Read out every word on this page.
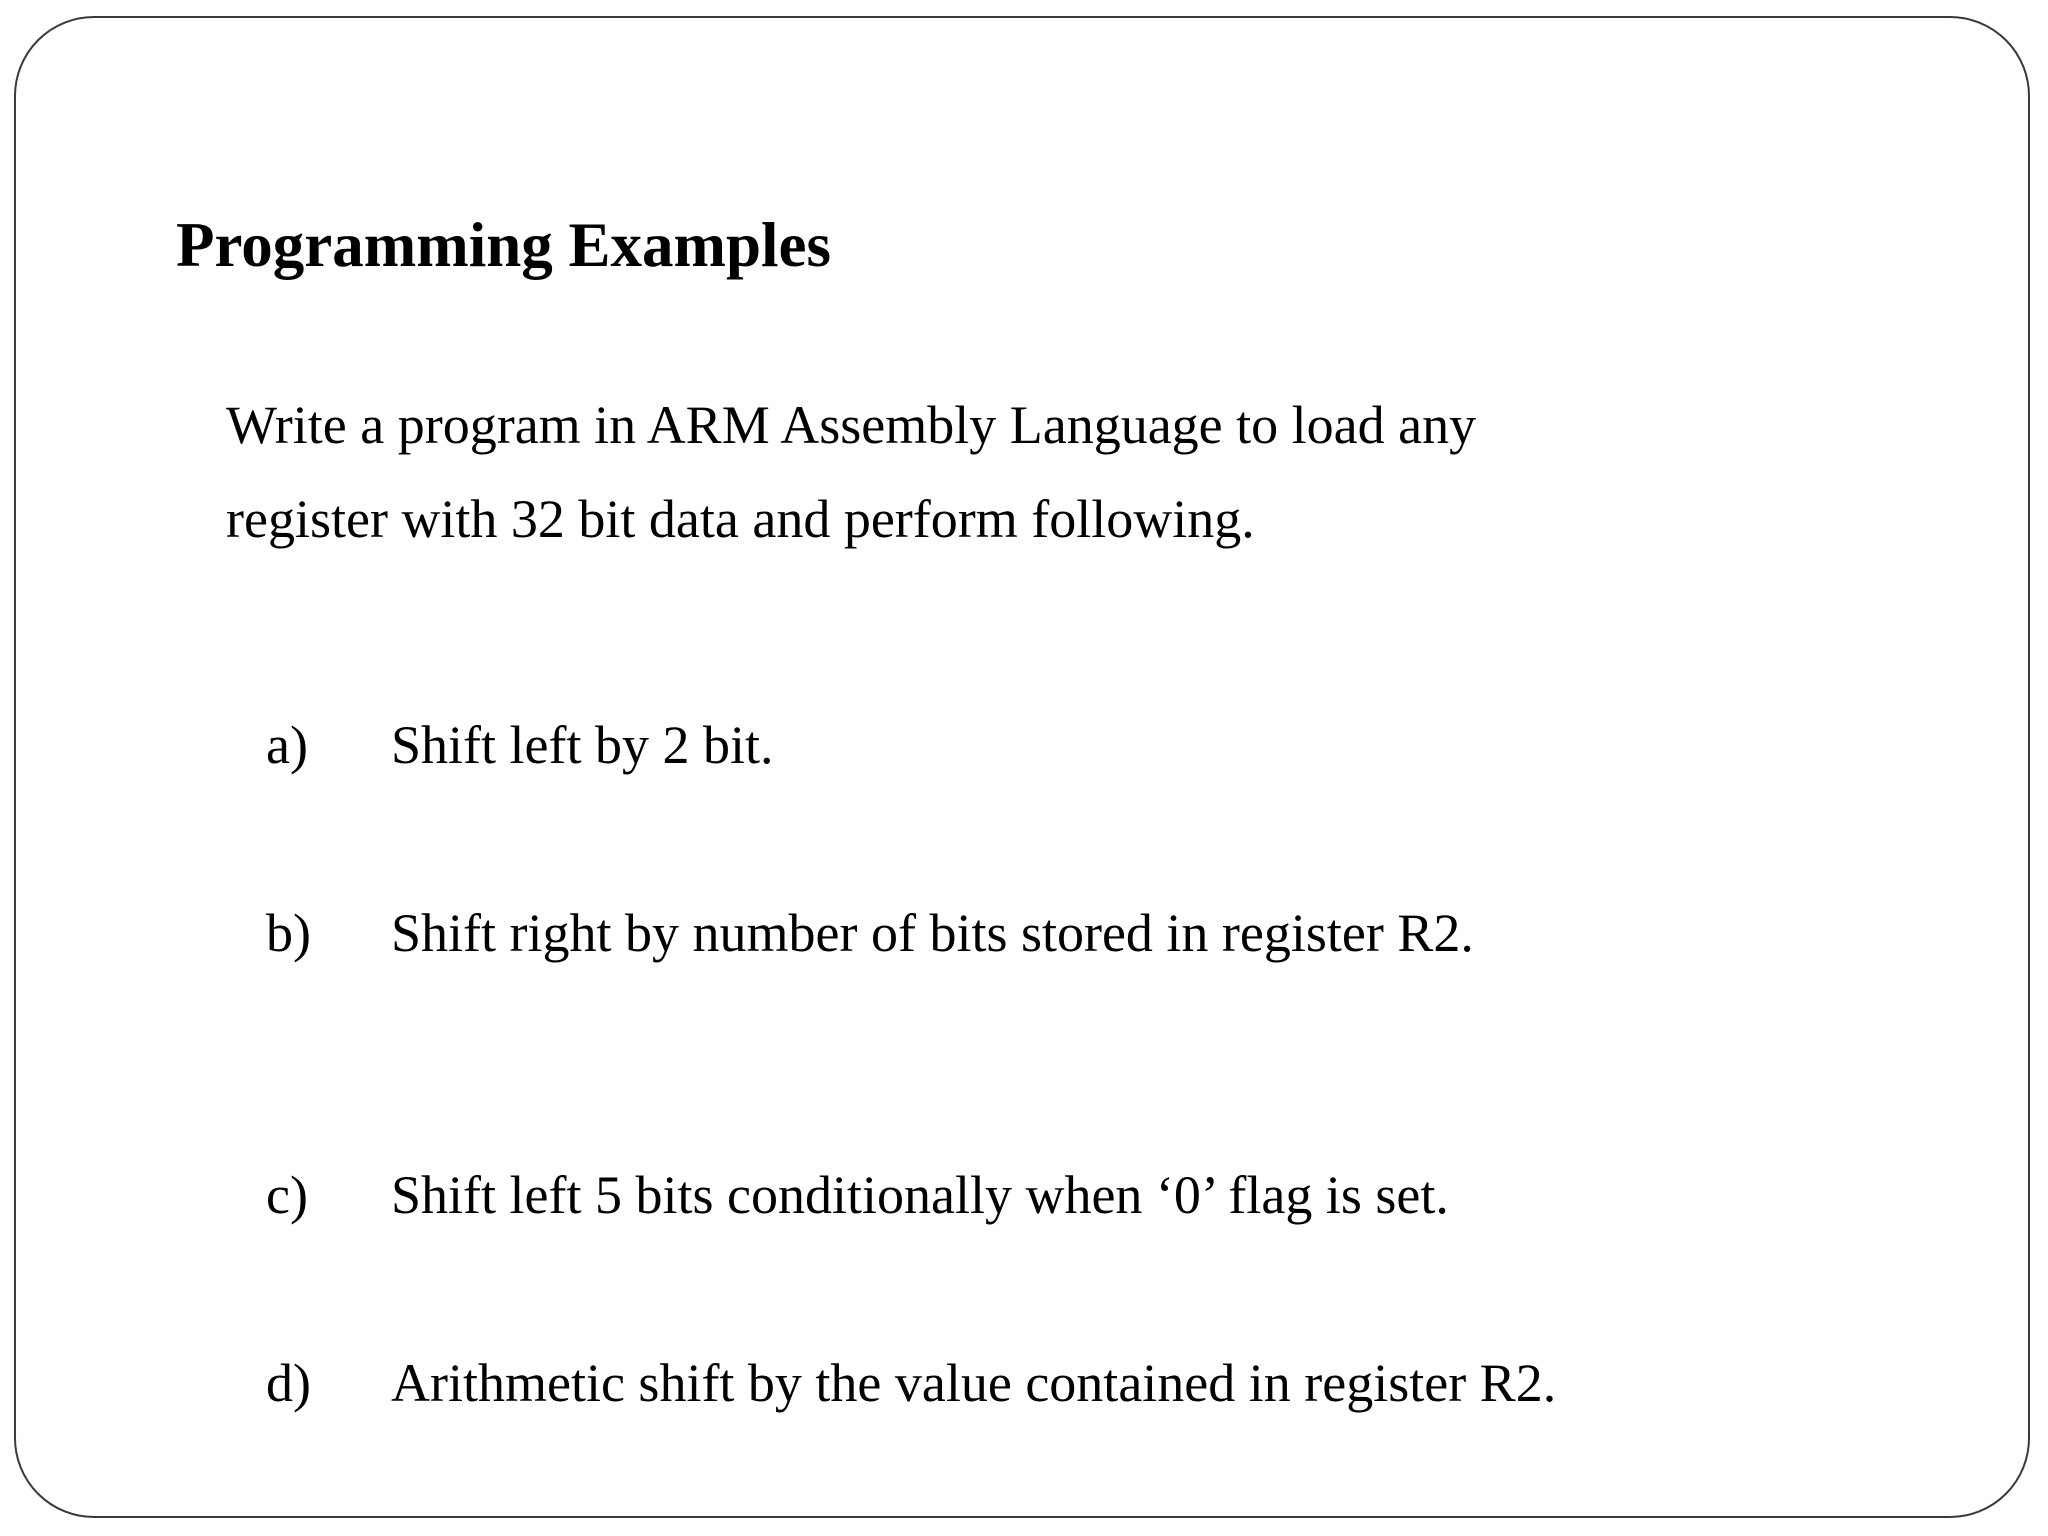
Programming Examples

Write a program in ARM Assembly Language to load any
register with 32 bit data and perform following.

a) Shift left by 2 bit.
b) Shift right by number of bits stored in register R2.
c) Shift left 5 bits conditionally when ‘0’ flag is set.
d) Arithmetic shift by the value contained in register R2.
